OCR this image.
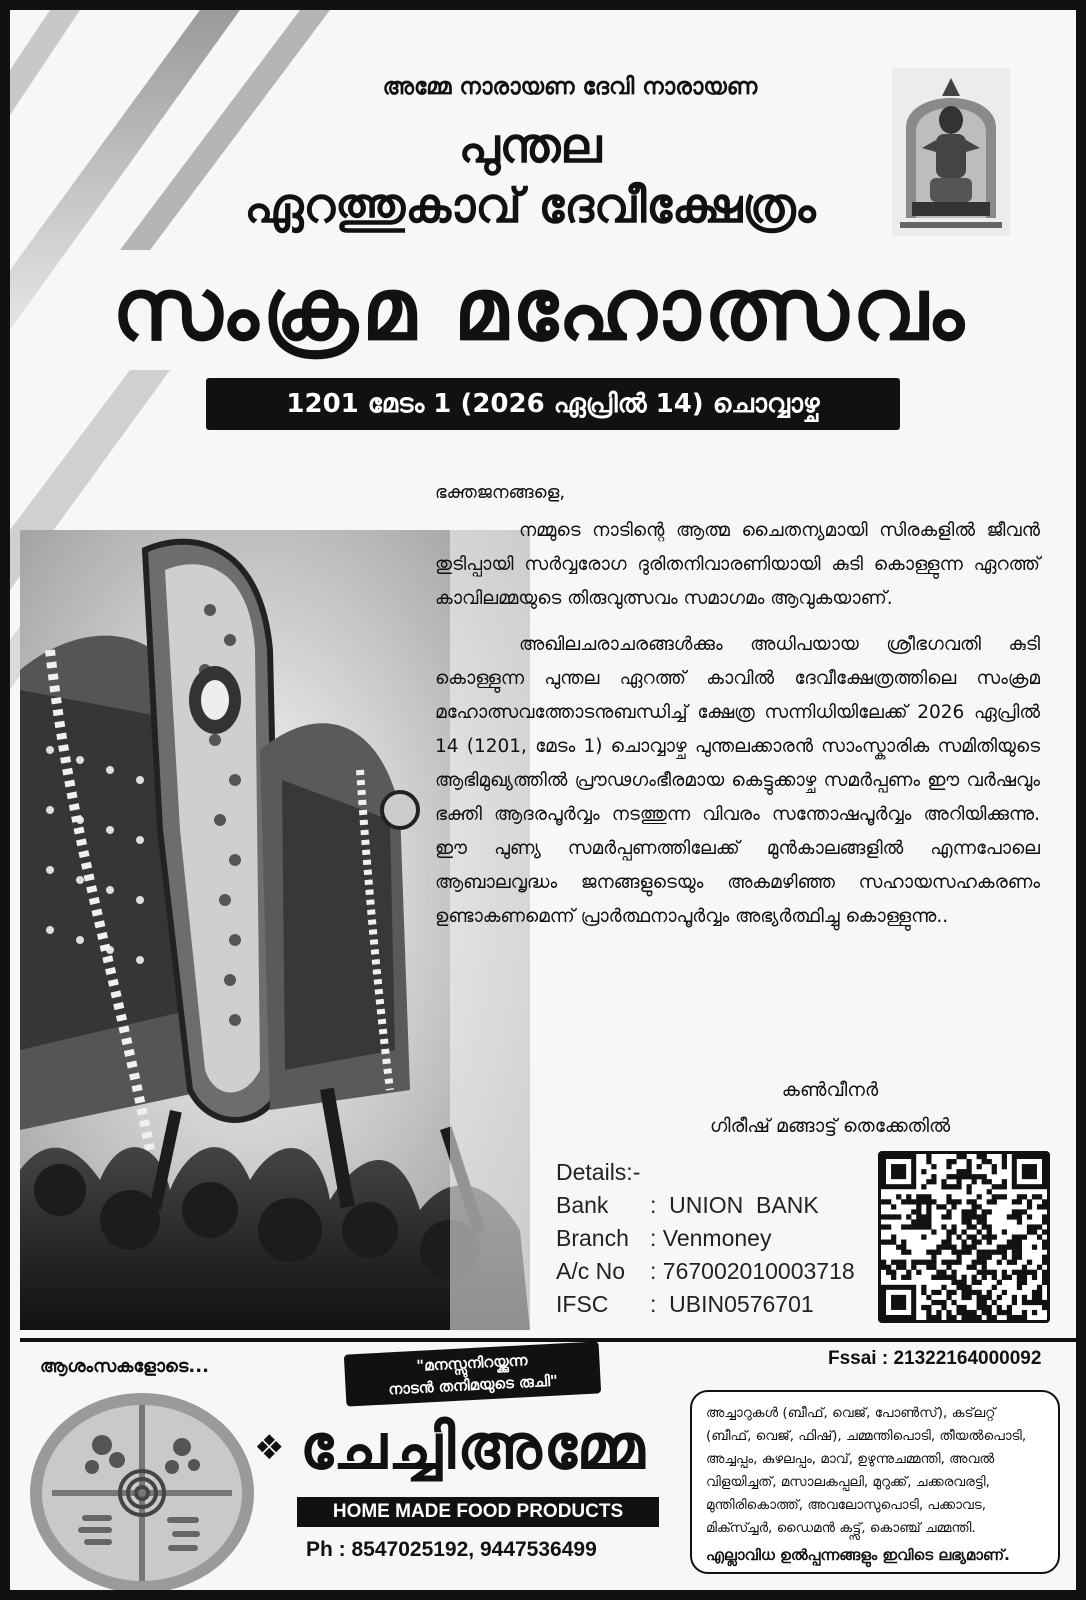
അമ്മേ നാരായണ ദേവി നാരായണ
പുന്തല
ഏറത്തുകാവ് ദേവീക്ഷേത്രം
സംക്രമ മഹോത്സവം
1201 മേടം 1 (2026 ഏപ്രിൽ 14) ചൊവ്വാഴ്ച
ഭക്തജനങ്ങളെ,

നമ്മുടെ നാടിന്റെ ആത്മ ചൈതന്യമായി സിരകളിൽ ജീവൻ തുടിപ്പായി സർവ്വരോഗ ദുരിതനിവാരണിയായി കുടി കൊള്ളുന്ന ഏറത്ത് കാവിലമ്മയുടെ തിരുവുത്സവം സമാഗമം ആവുകയാണ്.

അഖിലചരാചരങ്ങൾക്കും അധിപയായ ശ്രീഭഗവതി കുടി കൊള്ളുന്ന പുന്തല ഏറത്ത് കാവിൽ ദേവീക്ഷേത്രത്തിലെ സംക്രമ മഹോത്സവത്തോടനുബന്ധിച്ച് ക്ഷേത്ര സന്നിധിയിലേക്ക് 2026 ഏപ്രിൽ 14 (1201, മേടം 1) ചൊവ്വാഴ്ച പുന്തലക്കാരൻ സാംസ്കാരിക സമിതിയുടെ ആഭിമുഖ്യത്തിൽ പ്രൗഢഗംഭീരമായ കെട്ടുക്കാഴ്ച സമർപ്പണം ഈ വർഷവും ഭക്തി ആദരപൂർവ്വം നടത്തുന്ന വിവരം സന്തോഷപൂർവ്വം അറിയിക്കുന്നു. ഈ പുണ്യ സമർപ്പണത്തിലേക്ക് മുൻകാലങ്ങളിൽ എന്നപോലെ ആബാലവൃദ്ധം ജനങ്ങളുടെയും അകമഴിഞ്ഞ സഹായസഹകരണം ഉണ്ടാകണമെന്ന് പ്രാർത്ഥനാപൂർവ്വം അഭ്യർത്ഥിച്ചു കൊള്ളുന്നു..

കൺവീനർ
ഗിരീഷ് മങ്ങാട്ട് തെക്കേതിൽ
Details:-
Bank	:  UNION  BANK
Branch : Venmoney
A/c No	: 767002010003718
IFSC	:  UBIN0576701
ആശംസകളോടെ...	Fssai : 21322164000092
"മനസ്സുനിറയ്ക്കുന്ന
നാടൻ തനിമയുടെ രുചി"
❖ ചേച്ചിഅമ്മേ
HOME MADE FOOD PRODUCTS
Ph : 8547025192, 9447536499
അച്ചാറുകൾ (ബീഫ്, വെജ്, പോൺസ്), കട്‌ലറ്റ് (ബീഫ്, വെജ്, ഫിഷ്), ചമ്മന്തിപൊടി, തീയൽപൊടി, അച്ചപ്പം, കുഴലപ്പം, മാവ്, ഉഴുന്നുചമ്മന്തി, അവൽ വിളയിച്ചത്, മസാലകപ്പലി, മുറുക്ക്, ചക്കരവരട്ടി, മുന്തിരികൊത്ത്, അവലോസുപൊടി, പക്കാവട, മിക്സ്ച്ചർ, ഡൈമൻ കട്ട്സ്, കൊഞ്ച് ചമ്മന്തി.
എല്ലാവിധ ഉൽപ്പന്നങ്ങളും ഇവിടെ ലഭ്യമാണ്.
